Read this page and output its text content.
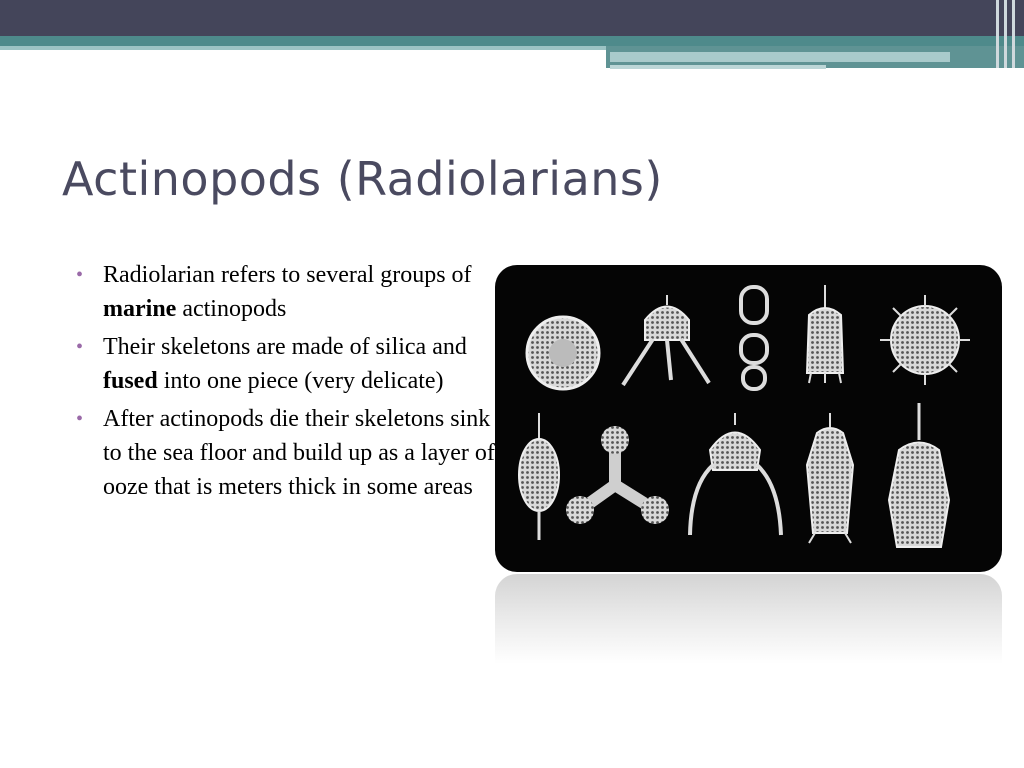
Actinopods (Radiolarians)
• Radiolarian refers to several groups of marine actinopods
• Their skeletons are made of silica and fused into one piece (very delicate)
• After actinopods die their skeletons sink to the sea floor and build up as a layer of ooze that is meters thick in some areas
